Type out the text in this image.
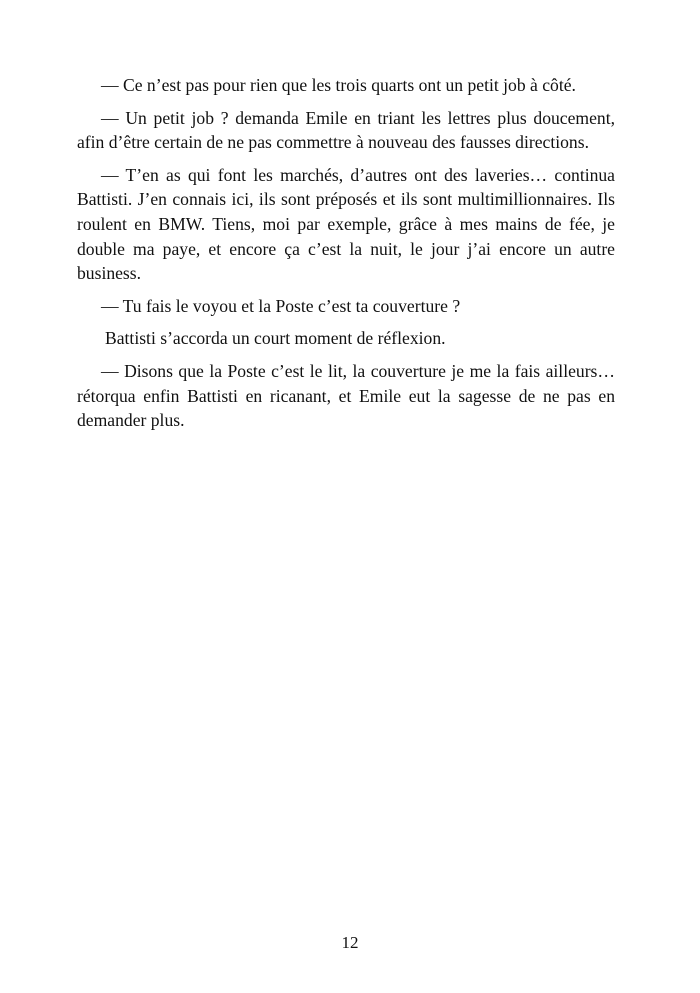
— Ce n’est pas pour rien que les trois quarts ont un petit job à côté.

— Un petit job ? demanda Emile en triant les lettres plus doucement, afin d’être certain de ne pas commettre à nouveau des fausses directions.

— T’en as qui font les marchés, d’autres ont des laveries… continua Battisti. J’en connais ici, ils sont préposés et ils sont multimillionnaires. Ils roulent en BMW. Tiens, moi par exemple, grâce à mes mains de fée, je double ma paye, et encore ça c’est la nuit, le jour j’ai encore un autre business.

— Tu fais le voyou et la Poste c’est ta couverture ?

Battisti s’accorda un court moment de réflexion.

— Disons que la Poste c’est le lit, la couverture je me la fais ailleurs… rétorqua enfin Battisti en ricanant, et Emile eut la sagesse de ne pas en demander plus.

12
